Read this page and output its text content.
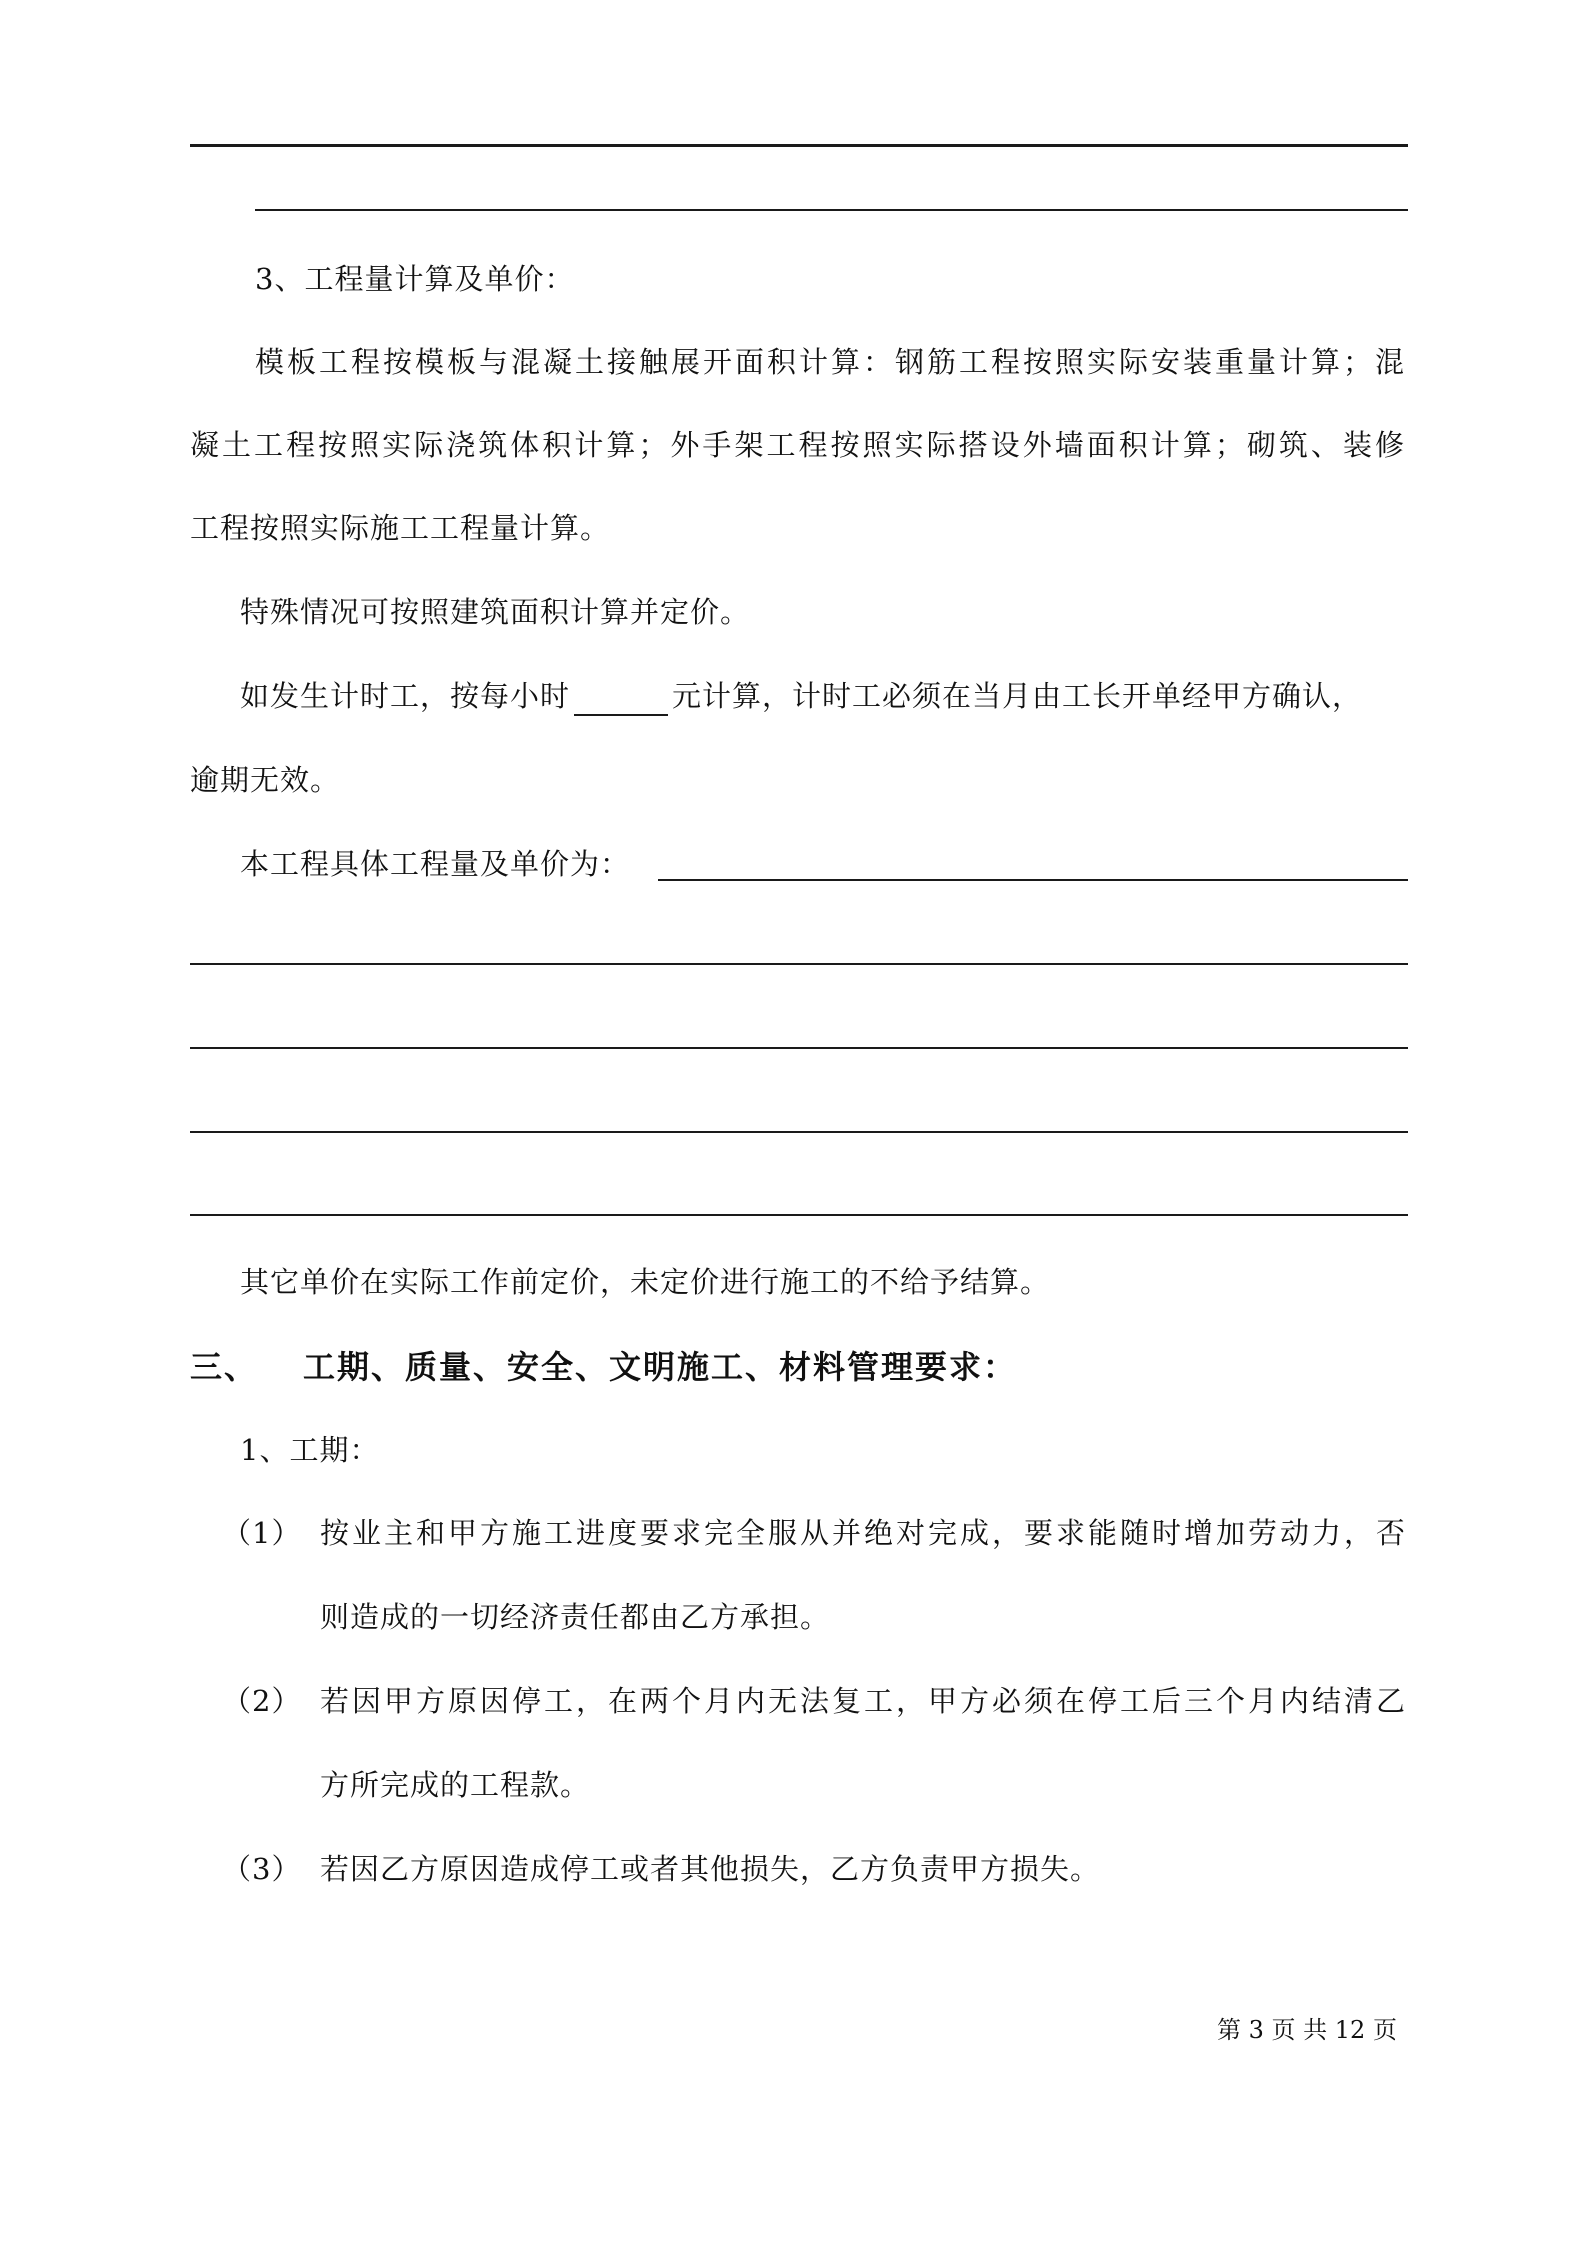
3、工程量计算及单价：
模板工程按模板与混凝土接触展开面积计算：钢筋工程按照实际安装重量计算；混
凝土工程按照实际浇筑体积计算；外手架工程按照实际搭设外墙面积计算；砌筑、装修
工程按照实际施工工程量计算。
特殊情况可按照建筑面积计算并定价。
如发生计时工，按每小时	元计算，计时工必须在当月由工长开单经甲方确认，
逾期无效。
本工程具体工程量及单价为：
其它单价在实际工作前定价，未定价进行施工的不给予结算。
三、 工期、质量、安全、文明施工、材料管理要求：
1、工期：
（1） 按业主和甲方施工进度要求完全服从并绝对完成，要求能随时增加劳动力，否
则造成的一切经济责任都由乙方承担。
（2） 若因甲方原因停工，在两个月内无法复工，甲方必须在停工后三个月内结清乙
方所完成的工程款。
（3） 若因乙方原因造成停工或者其他损失，乙方负责甲方损失。
第 3 页 共 12 页
